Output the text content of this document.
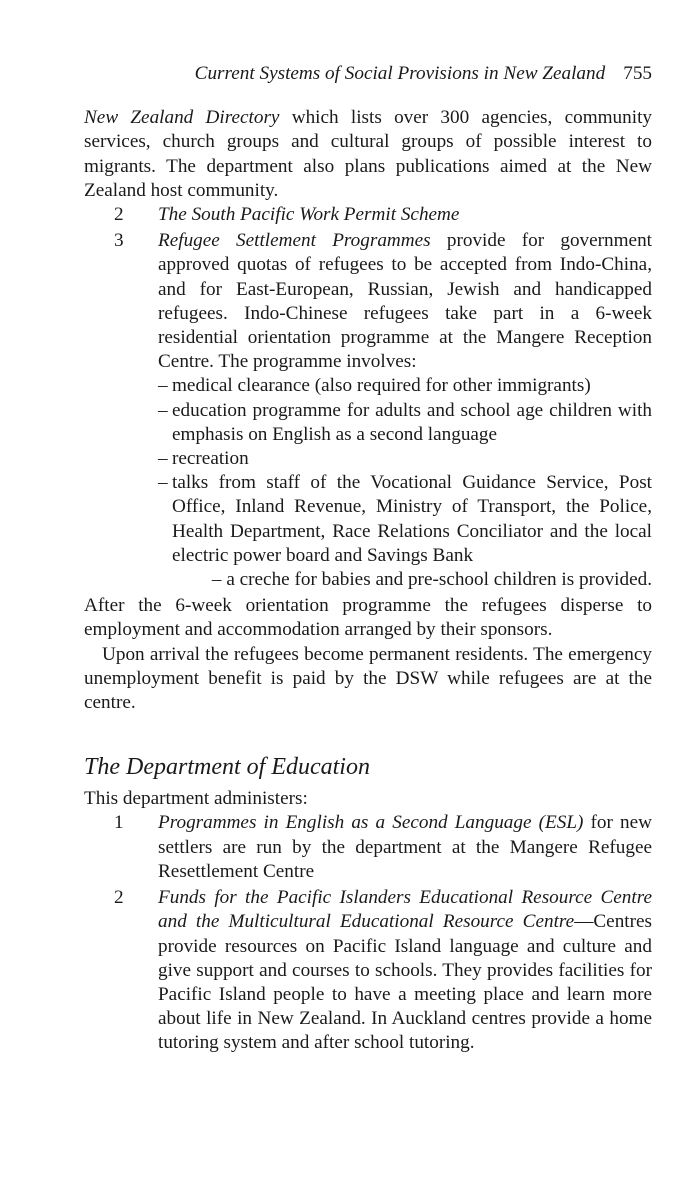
Current Systems of Social Provisions in New Zealand 755

New Zealand Directory which lists over 300 agencies, community services, church groups and cultural groups of possible interest to migrants. The department also plans publications aimed at the New Zealand host community.

2	The South Pacific Work Permit Scheme
3	Refugee Settlement Programmes provide for government approved quotas of refugees to be accepted from Indo-China, and for East-European, Russian, Jewish and handicapped refugees. Indo-Chinese refugees take part in a 6-week residential orientation programme at the Mangere Reception Centre. The programme involves:
– medical clearance (also required for other immigrants)
– education programme for adults and school age children with emphasis on English as a second language
– recreation
– talks from staff of the Vocational Guidance Service, Post Office, Inland Revenue, Ministry of Transport, the Police, Health Department, Race Relations Conciliator and the local electric power board and Savings Bank
– a creche for babies and pre-school children is provided.

After the 6-week orientation programme the refugees disperse to employment and accommodation arranged by their sponsors.

Upon arrival the refugees become permanent residents. The emergency unemployment benefit is paid by the DSW while refugees are at the centre.

The Department of Education

This department administers:

1	Programmes in English as a Second Language (ESL) for new settlers are run by the department at the Mangere Refugee Resettlement Centre
2	Funds for the Pacific Islanders Educational Resource Centre and the Multicultural Educational Resource Centre—Centres provide resources on Pacific Island language and culture and give support and courses to schools. They provides facilities for Pacific Island people to have a meeting place and learn more about life in New Zealand. In Auckland centres provide a home tutoring system and after school tutoring.
